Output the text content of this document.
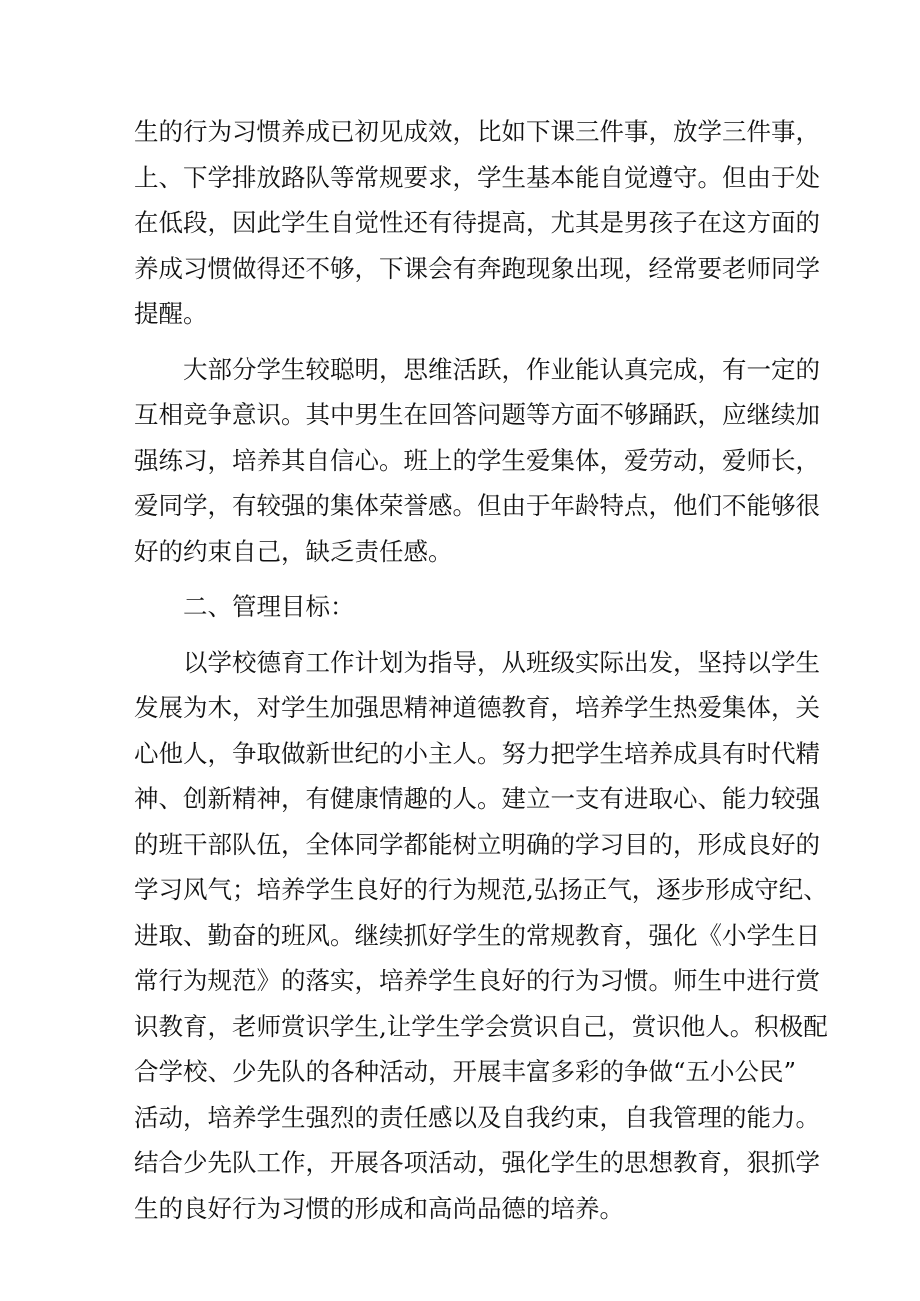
生的行为习惯养成已初见成效，比如下课三件事，放学三件事，
上、下学排放路队等常规要求，学生基本能自觉遵守。但由于处
在低段，因此学生自觉性还有待提高，尤其是男孩子在这方面的
养成习惯做得还不够，下课会有奔跑现象出现，经常要老师同学
提醒。

大部分学生较聪明，思维活跃，作业能认真完成，有一定的
互相竞争意识。其中男生在回答问题等方面不够踊跃，应继续加
强练习，培养其自信心。班上的学生爱集体，爱劳动，爱师长，
爱同学，有较强的集体荣誉感。但由于年龄特点，他们不能够很
好的约束自己，缺乏责任感。

二、管理目标：

以学校德育工作计划为指导，从班级实际出发，坚持以学生
发展为木，对学生加强思精神道德教育，培养学生热爱集体，关
心他人，争取做新世纪的小主人。努力把学生培养成具有时代精
神、创新精神，有健康情趣的人。建立一支有进取心、能力较强
的班干部队伍，全体同学都能树立明确的学习目的，形成良好的
学习风气；培养学生良好的行为规范,弘扬正气，逐步形成守纪、
进取、勤奋的班风。继续抓好学生的常规教育，强化《小学生日
常行为规范》的落实，培养学生良好的行为习惯。师生中进行赏
识教育，老师赏识学生,让学生学会赏识自己，赏识他人。积极配
合学校、少先队的各种活动，开展丰富多彩的争做“五小公民”
活动，培养学生强烈的责任感以及自我约束，自我管理的能力。
结合少先队工作，开展各项活动，强化学生的思想教育，狠抓学
生的良好行为习惯的形成和高尚品德的培养。
